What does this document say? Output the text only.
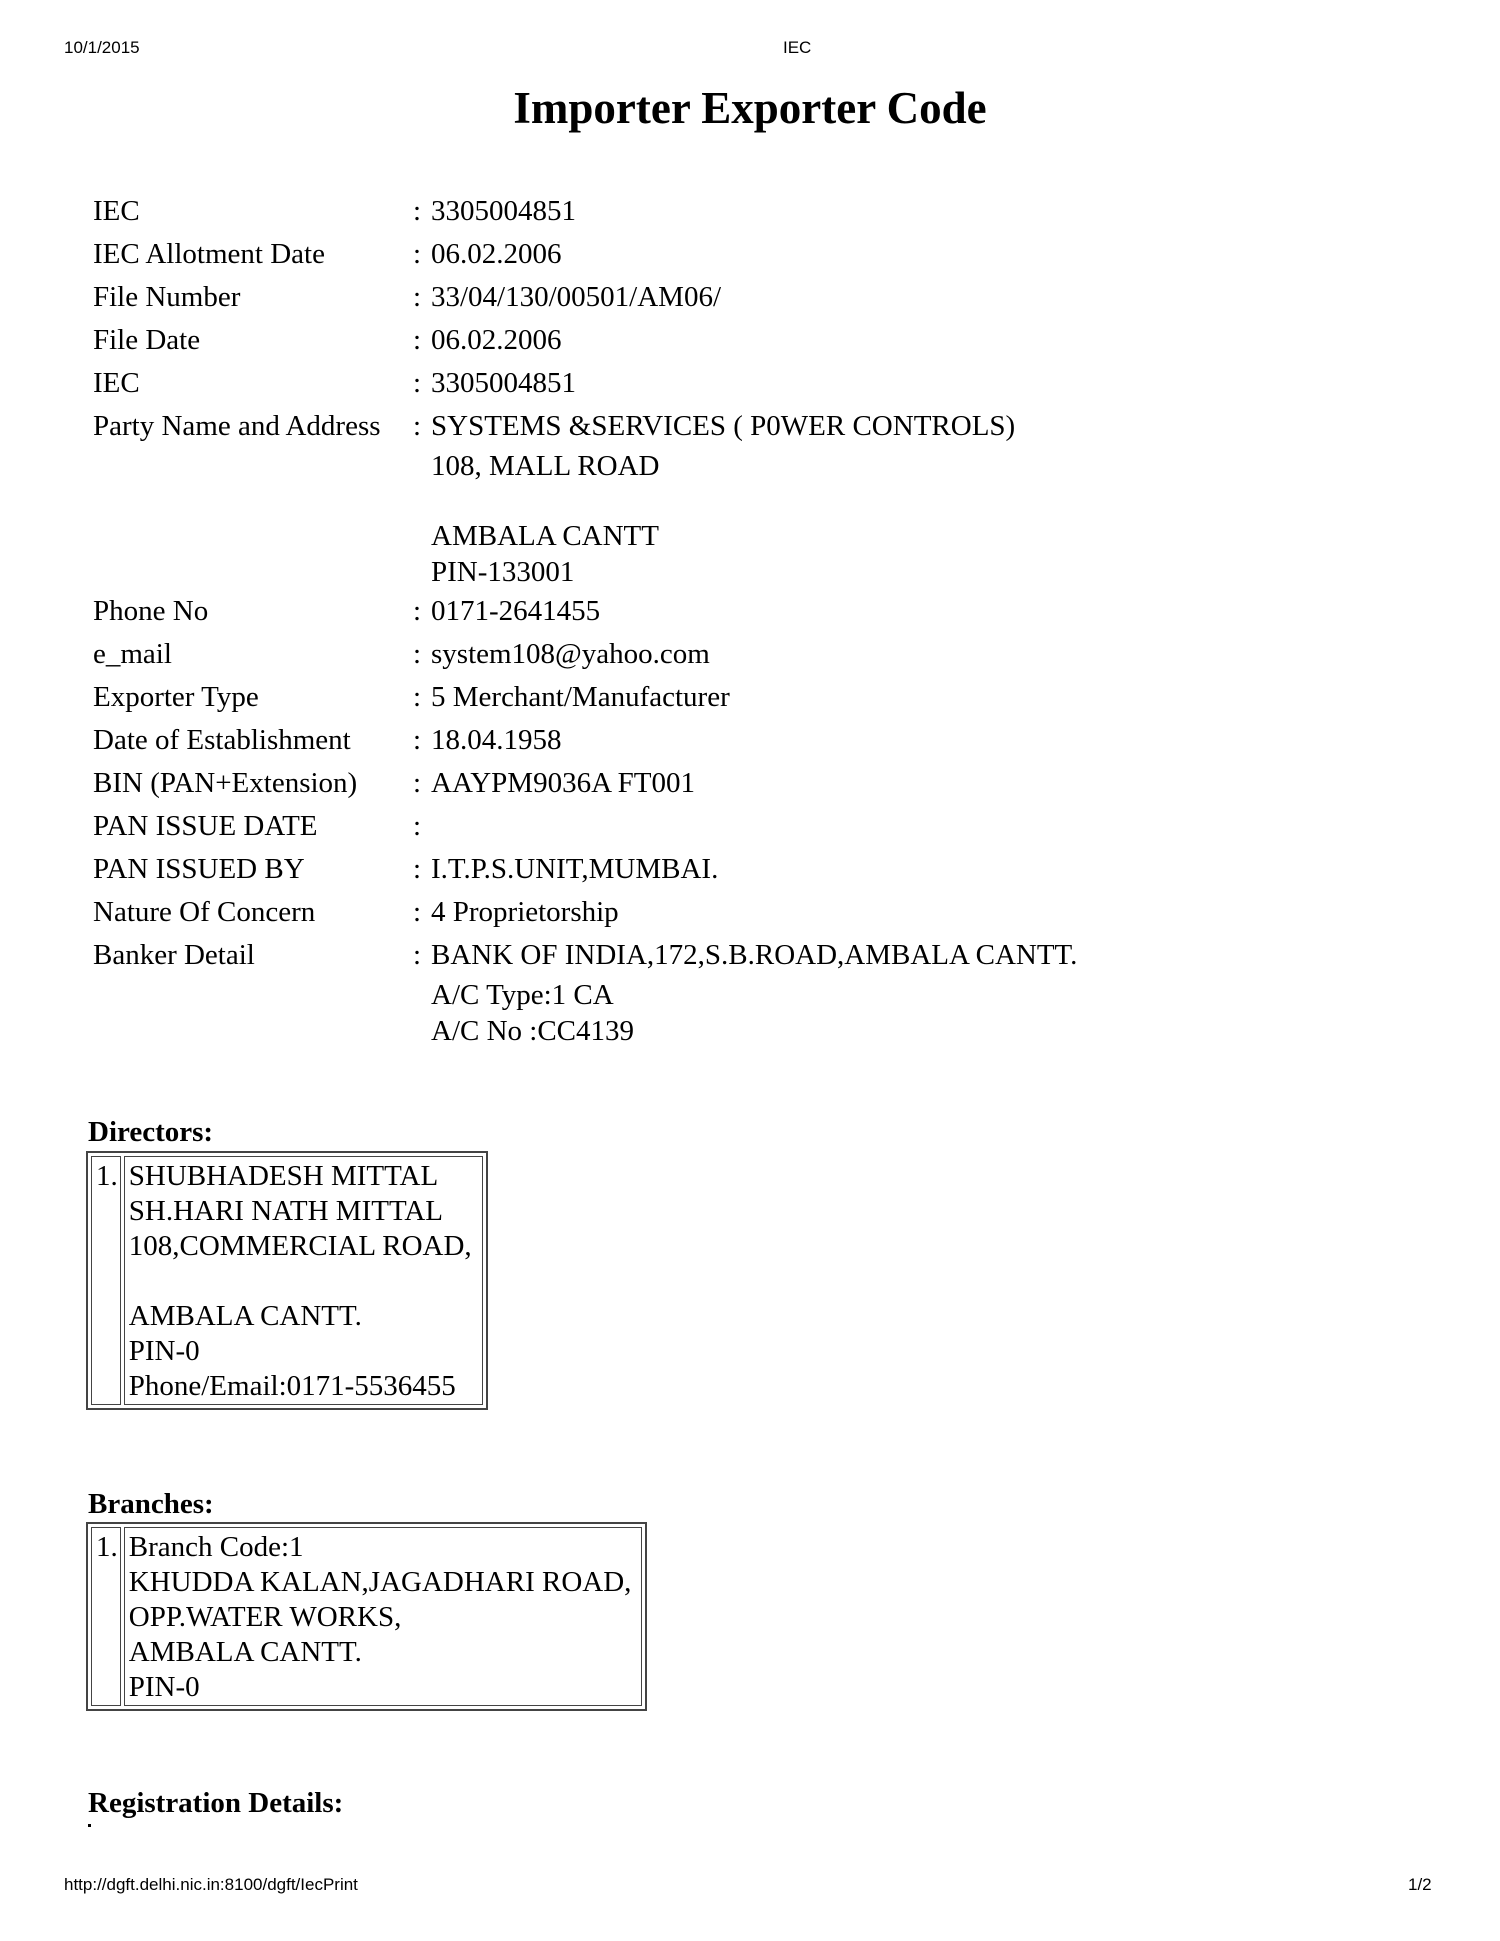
10/1/2015	IEC
Importer Exporter Code
IEC	: 3305004851
IEC Allotment Date	: 06.02.2006
File Number	: 33/04/130/00501/AM06/
File Date	: 06.02.2006
IEC	: 3305004851
Party Name and Address	: SYSTEMS &SERVICES ( P0WER CONTROLS)
108, MALL ROAD
AMBALA CANTT
PIN-133001
Phone No	: 0171-2641455
e_mail	: system108@yahoo.com
Exporter Type	: 5 Merchant/Manufacturer
Date of Establishment	: 18.04.1958
BIN (PAN+Extension)	: AAYPM9036A FT001
PAN ISSUE DATE	:
PAN ISSUED BY	: I.T.P.S.UNIT,MUMBAI.
Nature Of Concern	: 4 Proprietorship
Banker Detail	: BANK OF INDIA,172,S.B.ROAD,AMBALA CANTT.
A/C Type:1 CA
A/C No :CC4139
Directors:
1. SHUBHADESH MITTAL
SH.HARI NATH MITTAL
108,COMMERCIAL ROAD,
AMBALA CANTT.
PIN-0
Phone/Email:0171-5536455
Branches:
1. Branch Code:1
KHUDDA KALAN,JAGADHARI ROAD,
OPP.WATER WORKS,
AMBALA CANTT.
PIN-0
Registration Details:
http://dgft.delhi.nic.in:8100/dgft/IecPrint	1/2
